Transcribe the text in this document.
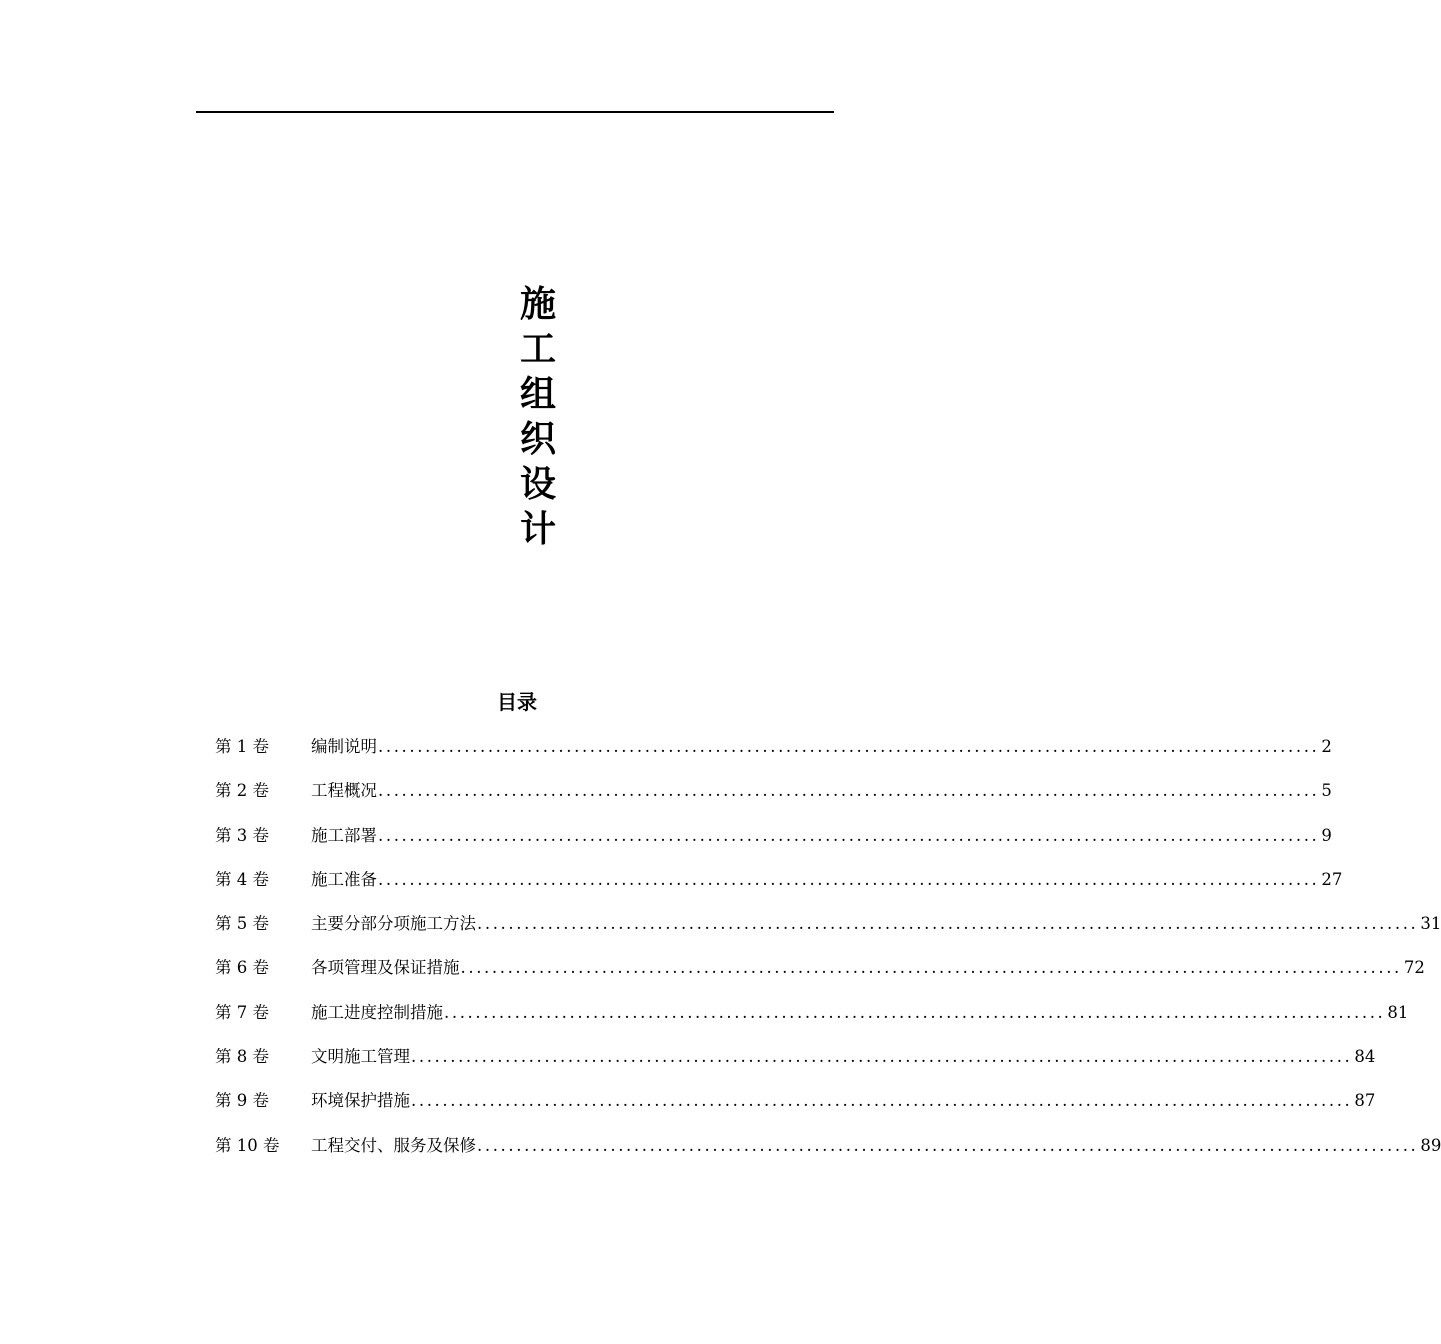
施
工
组
织
设
计
目录
第 1 卷	编制说明 ........................................................................................................................ 2
第 2 卷	工程概况 ........................................................................................................................ 5
第 3 卷	施工部署 ........................................................................................................................ 9
第 4 卷	施工准备 ........................................................................................................................ 27
第 5 卷	主要分部分项施工方法 ........................................................................................................................ 31
第 6 卷	各项管理及保证措施 ........................................................................................................................ 72
第 7 卷	施工进度控制措施 ........................................................................................................................ 81
第 8 卷	文明施工管理 ........................................................................................................................ 84
第 9 卷	环境保护措施 ........................................................................................................................ 87
第 10 卷	工程交付、服务及保修 ........................................................................................................................ 89
